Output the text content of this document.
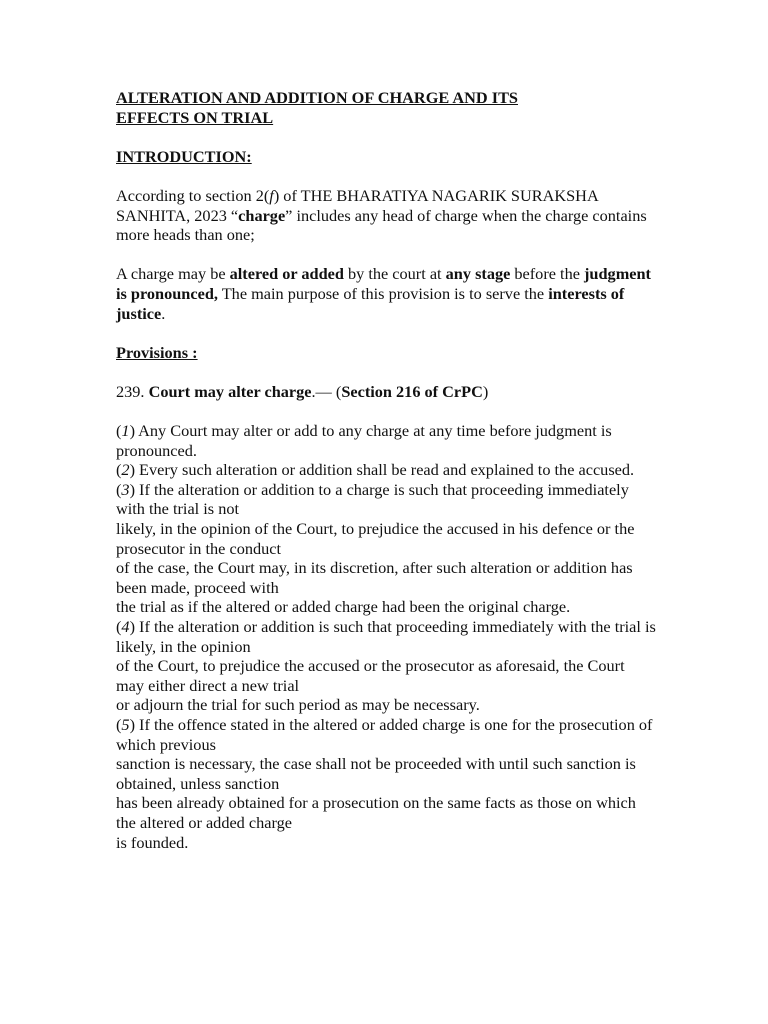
ALTERATION AND ADDITION OF CHARGE AND ITS
EFFECTS ON TRIAL

INTRODUCTION:

According to section 2(f) of THE BHARATIYA NAGARIK SURAKSHA SANHITA, 2023 “charge” includes any head of charge when the charge contains more heads than one;

A charge may be altered or added by the court at any stage before the judgment is pronounced, The main purpose of this provision is to serve the interests of justice.

Provisions :

239. Court may alter charge.— (Section 216 of CrPC)

(1) Any Court may alter or add to any charge at any time before judgment is pronounced.

(2) Every such alteration or addition shall be read and explained to the accused.

(3) If the alteration or addition to a charge is such that proceeding immediately with the trial is not
likely, in the opinion of the Court, to prejudice the accused in his defence or the prosecutor in the conduct
of the case, the Court may, in its discretion, after such alteration or addition has been made, proceed with
the trial as if the altered or added charge had been the original charge.
(4) If the alteration or addition is such that proceeding immediately with the trial is likely, in the opinion
of the Court, to prejudice the accused or the prosecutor as aforesaid, the Court may either direct a new trial
or adjourn the trial for such period as may be necessary.
(5) If the offence stated in the altered or added charge is one for the prosecution of which previous
sanction is necessary, the case shall not be proceeded with until such sanction is obtained, unless sanction
has been already obtained for a prosecution on the same facts as those on which the altered or added charge
is founded.
